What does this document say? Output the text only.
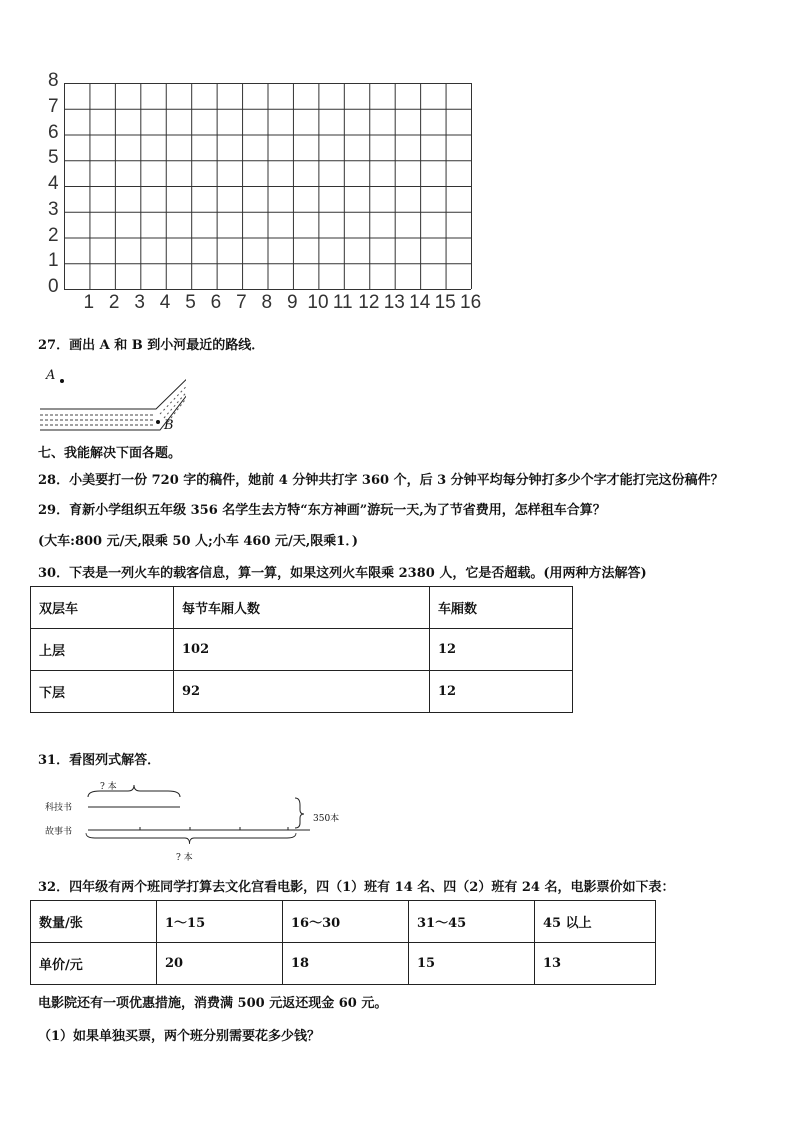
27．画出 A 和 B 到小河最近的路线．
A
B
七、我能解决下面各题。
28．小美要打一份 720 字的稿件，她前 4 分钟共打字 360 个，后 3 分钟平均每分钟打多少个字才能打完这份稿件？
29．育新小学组织五年级 356 名学生去方特“东方神画”游玩一天,为了节省费用，怎样租车合算？
(大车:800 元/天,限乘 50 人;小车 460 元/天,限乘1．)
30．下表是一列火车的载客信息，算一算，如果这列火车限乘 2380 人，它是否超载。(用两种方法解答)
双层车	每节车厢人数	车厢数
上层	102	12
下层	92	12
31．看图列式解答．
? 本
科技书
故事书
350本
? 本
32．四年级有两个班同学打算去文化宫看电影，四（1）班有 14 名、四（2）班有 24 名，电影票价如下表：
数量/张	1～15	16～30	31～45	45 以上
单价/元	20	18	15	13
电影院还有一项优惠措施，消费满 500 元返还现金 60 元。
（1）如果单独买票，两个班分别需要花多少钱？
0
1
2
3
4
5
6
7
8
1 2 3 4 5 6 7 8 9 10 11 12 13 14 15 16
